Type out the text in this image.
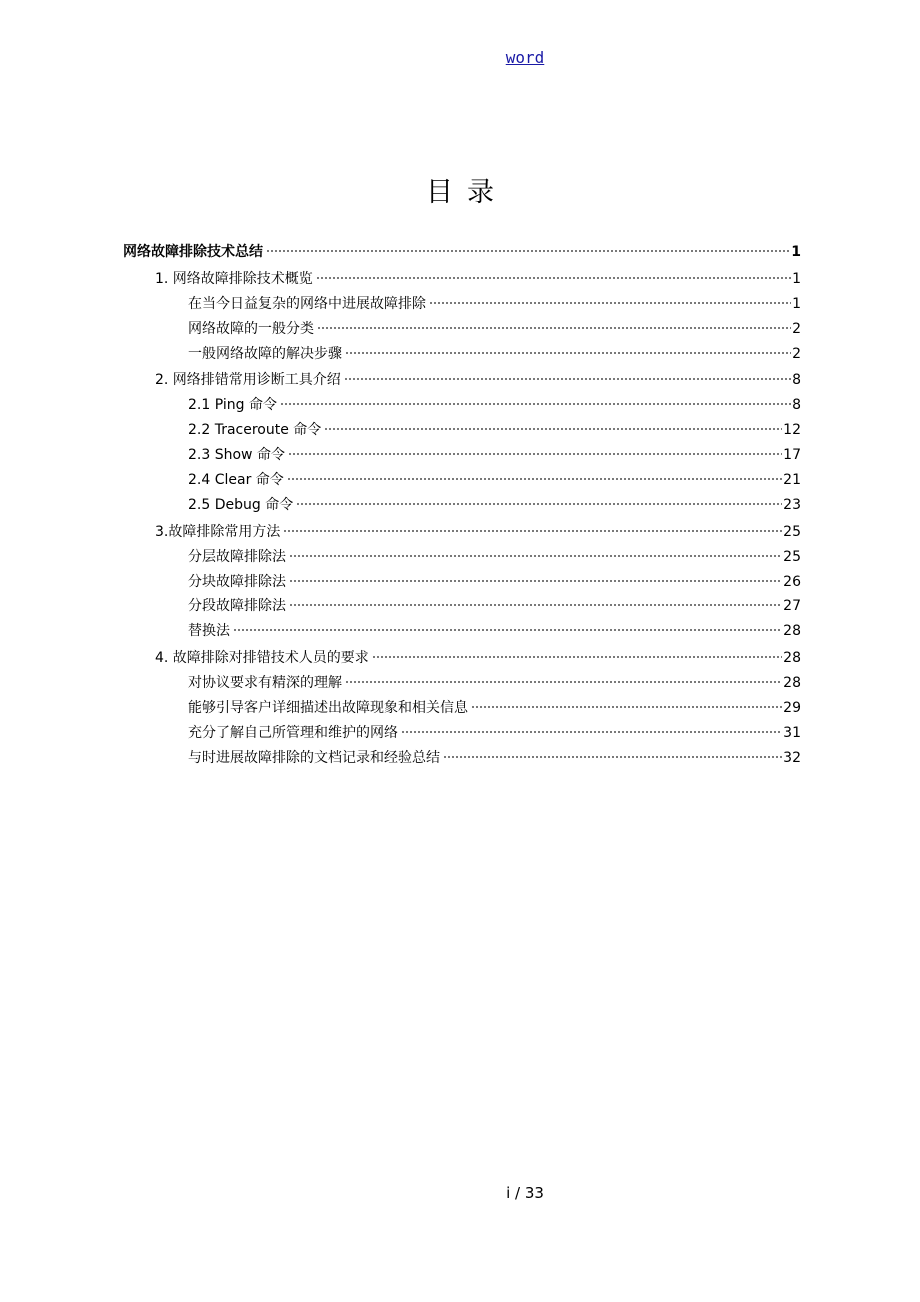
word
目录
网络故障排除技术总结	1
1. 网络故障排除技术概览	1
在当今日益复杂的网络中进展故障排除	1
网络故障的一般分类	2
一般网络故障的解决步骤	2
2. 网络排错常用诊断工具介绍	8
2.1 Ping 命令	8
2.2 Traceroute 命令	12
2.3 Show 命令	17
2.4 Clear 命令	21
2.5 Debug 命令	23
3.故障排除常用方法	25
分层故障排除法	25
分块故障排除法	26
分段故障排除法	27
替换法	28
4. 故障排除对排错技术人员的要求	28
对协议要求有精深的理解	28
能够引导客户详细描述出故障现象和相关信息	29
充分了解自己所管理和维护的网络	31
与时进展故障排除的文档记录和经验总结	32
i / 33
